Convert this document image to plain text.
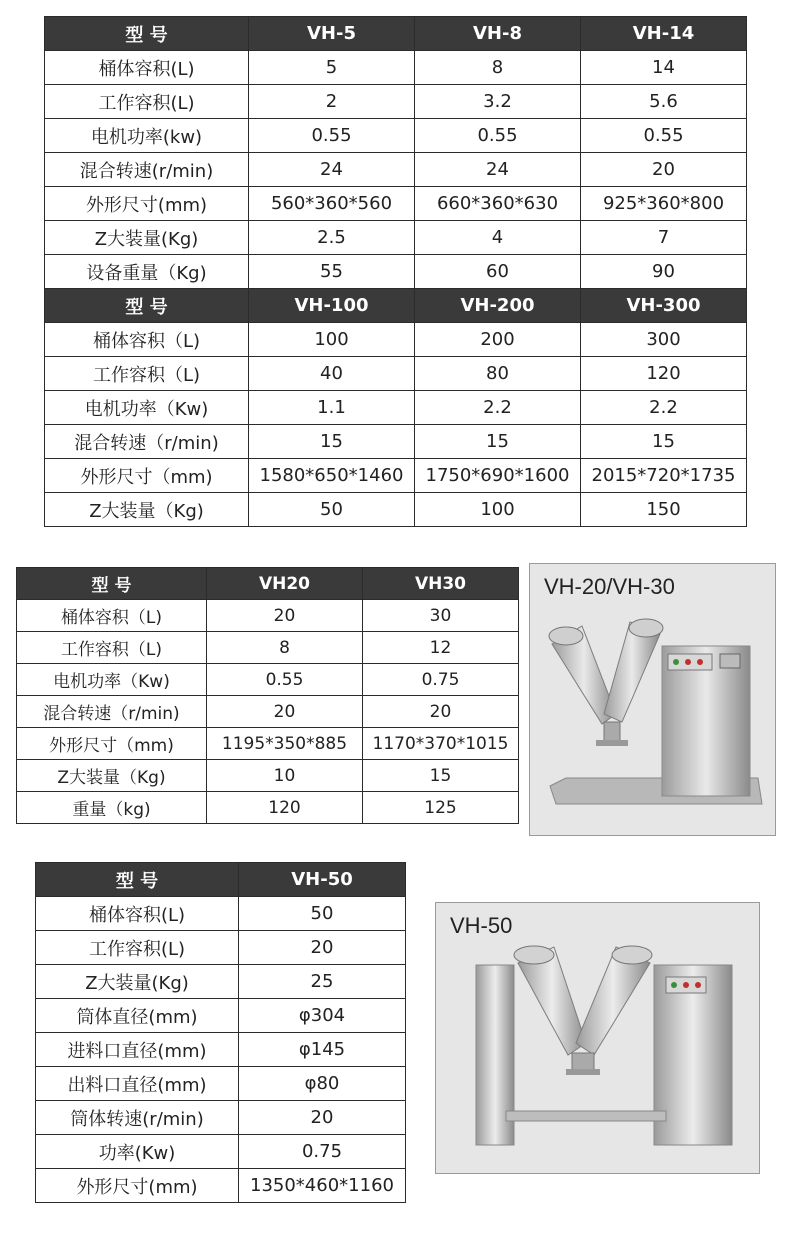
型 号	VH-5	VH-8	VH-14
桶体容积(L)	5	8	14
工作容积(L)	2	3.2	5.6
电机功率(kw)	0.55	0.55	0.55
混合转速(r/min)	24	24	20
外形尺寸(mm)	560*360*560	660*360*630	925*360*800
Z大装量(Kg)	2.5	4	7
设备重量（Kg)	55	60	90
型 号	VH-100	VH-200	VH-300
桶体容积（L)	100	200	300
工作容积（L)	40	80	120
电机功率（Kw)	1.1	2.2	2.2
混合转速（r/min)	15	15	15
外形尺寸（mm)	1580*650*1460	1750*690*1600	2015*720*1735
Z大装量（Kg)	50	100	150
型 号	VH20	VH30
桶体容积（L)	20	30
工作容积（L)	8	12
电机功率（Kw)	0.55	0.75
混合转速（r/min)	20	20
外形尺寸（mm)	1195*350*885	1170*370*1015
Z大装量（Kg)	10	15
重量（kg)	120	125
VH-20/VH-30
型 号	VH-50
桶体容积(L)	50
工作容积(L)	20
Z大装量(Kg)	25
筒体直径(mm)	φ304
进料口直径(mm)	φ145
出料口直径(mm)	φ80
筒体转速(r/min)	20
功率(Kw)	0.75
外形尺寸(mm)	1350*460*1160
VH-50
